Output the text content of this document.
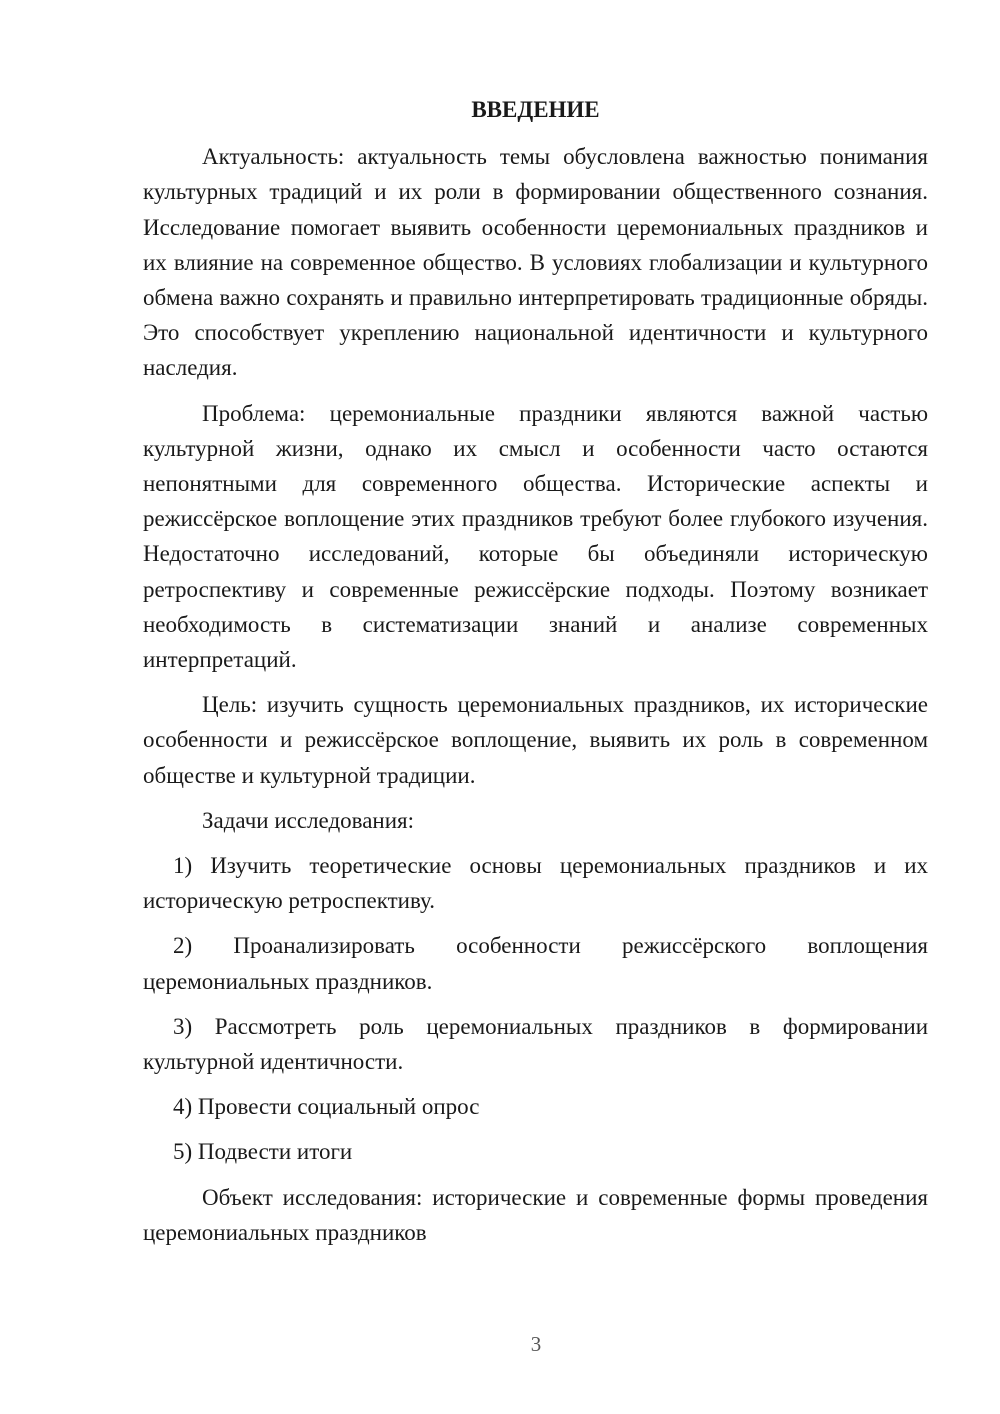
ВВЕДЕНИЕ

Актуальность: актуальность темы обусловлена важностью понимания культурных традиций и их роли в формировании общественного сознания. Исследование помогает выявить особенности церемониальных праздников и их влияние на современное общество. В условиях глобализации и культурного обмена важно сохранять и правильно интерпретировать традиционные обряды. Это способствует укреплению национальной идентичности и культурного наследия.

Проблема: церемониальные праздники являются важной частью культурной жизни, однако их смысл и особенности часто остаются непонятными для современного общества. Исторические аспекты и режиссёрское воплощение этих праздников требуют более глубокого изучения. Недостаточно исследований, которые бы объединяли историческую ретроспективу и современные режиссёрские подходы. Поэтому возникает необходимость в систематизации знаний и анализе современных интерпретаций.

Цель: изучить сущность церемониальных праздников, их исторические особенности и режиссёрское воплощение, выявить их роль в современном обществе и культурной традиции.

Задачи исследования:

1) Изучить теоретические основы церемониальных праздников и их историческую ретроспективу.

2) Проанализировать особенности режиссёрского воплощения церемониальных праздников.

3) Рассмотреть роль церемониальных праздников в формировании культурной идентичности.

4) Провести социальный опрос

5) Подвести итоги

Объект исследования: исторические и современные формы проведения церемониальных праздников

3
